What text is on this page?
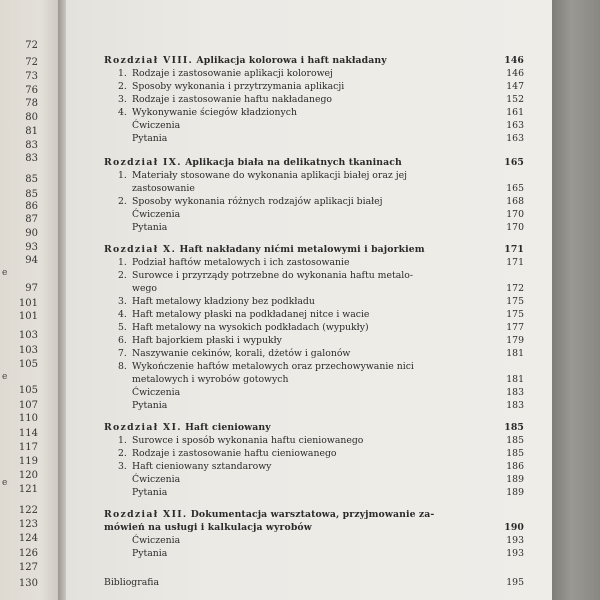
72
72
73
76
78
80
81
83
83
85
85
86
87
90
93
94
97
101
101
103
103
105
105
107
110
114
117
119
120
121
122
123
124
126
127
130
e
e
e
Rozdział VIII. Aplikacja kolorowa i haft nakładany	146
1. Rodzaje i zastosowanie aplikacji kolorowej	146
2. Sposoby wykonania i przytrzymania aplikacji	147
3. Rodzaje i zastosowanie haftu nakładanego	152
4. Wykonywanie ściegów kładzionych	161
Ćwiczenia	163
Pytania	163
Rozdział IX. Aplikacja biała na delikatnych tkaninach	165
1. Materiały stosowane do wykonania aplikacji białej oraz jej
zastosowanie	165
2. Sposoby wykonania różnych rodzajów aplikacji białej	168
Ćwiczenia	170
Pytania	170
Rozdział X. Haft nakładany nićmi metalowymi i bajorkiem	171
1. Podział haftów metalowych i ich zastosowanie	171
2. Surowce i przyrządy potrzebne do wykonania haftu metalo-
wego	172
3. Haft metalowy kładziony bez podkładu	175
4. Haft metalowy płaski na podkładanej nitce i wacie	175
5. Haft metalowy na wysokich podkładach (wypukły)	177
6. Haft bajorkiem płaski i wypukły	179
7. Naszywanie cekinów, korali, dżetów i galonów	181
8. Wykończenie haftów metalowych oraz przechowywanie nici
metalowych i wyrobów gotowych	181
Ćwiczenia	183
Pytania	183
Rozdział XI. Haft cieniowany	185
1. Surowce i sposób wykonania haftu cieniowanego	185
2. Rodzaje i zastosowanie haftu cieniowanego	185
3. Haft cieniowany sztandarowy	186
Ćwiczenia	189
Pytania	189
Rozdział XII. Dokumentacja warsztatowa, przyjmowanie za-
mówień na usługi i kalkulacja wyrobów	190
Ćwiczenia	193
Pytania	193
Bibliografia	195
